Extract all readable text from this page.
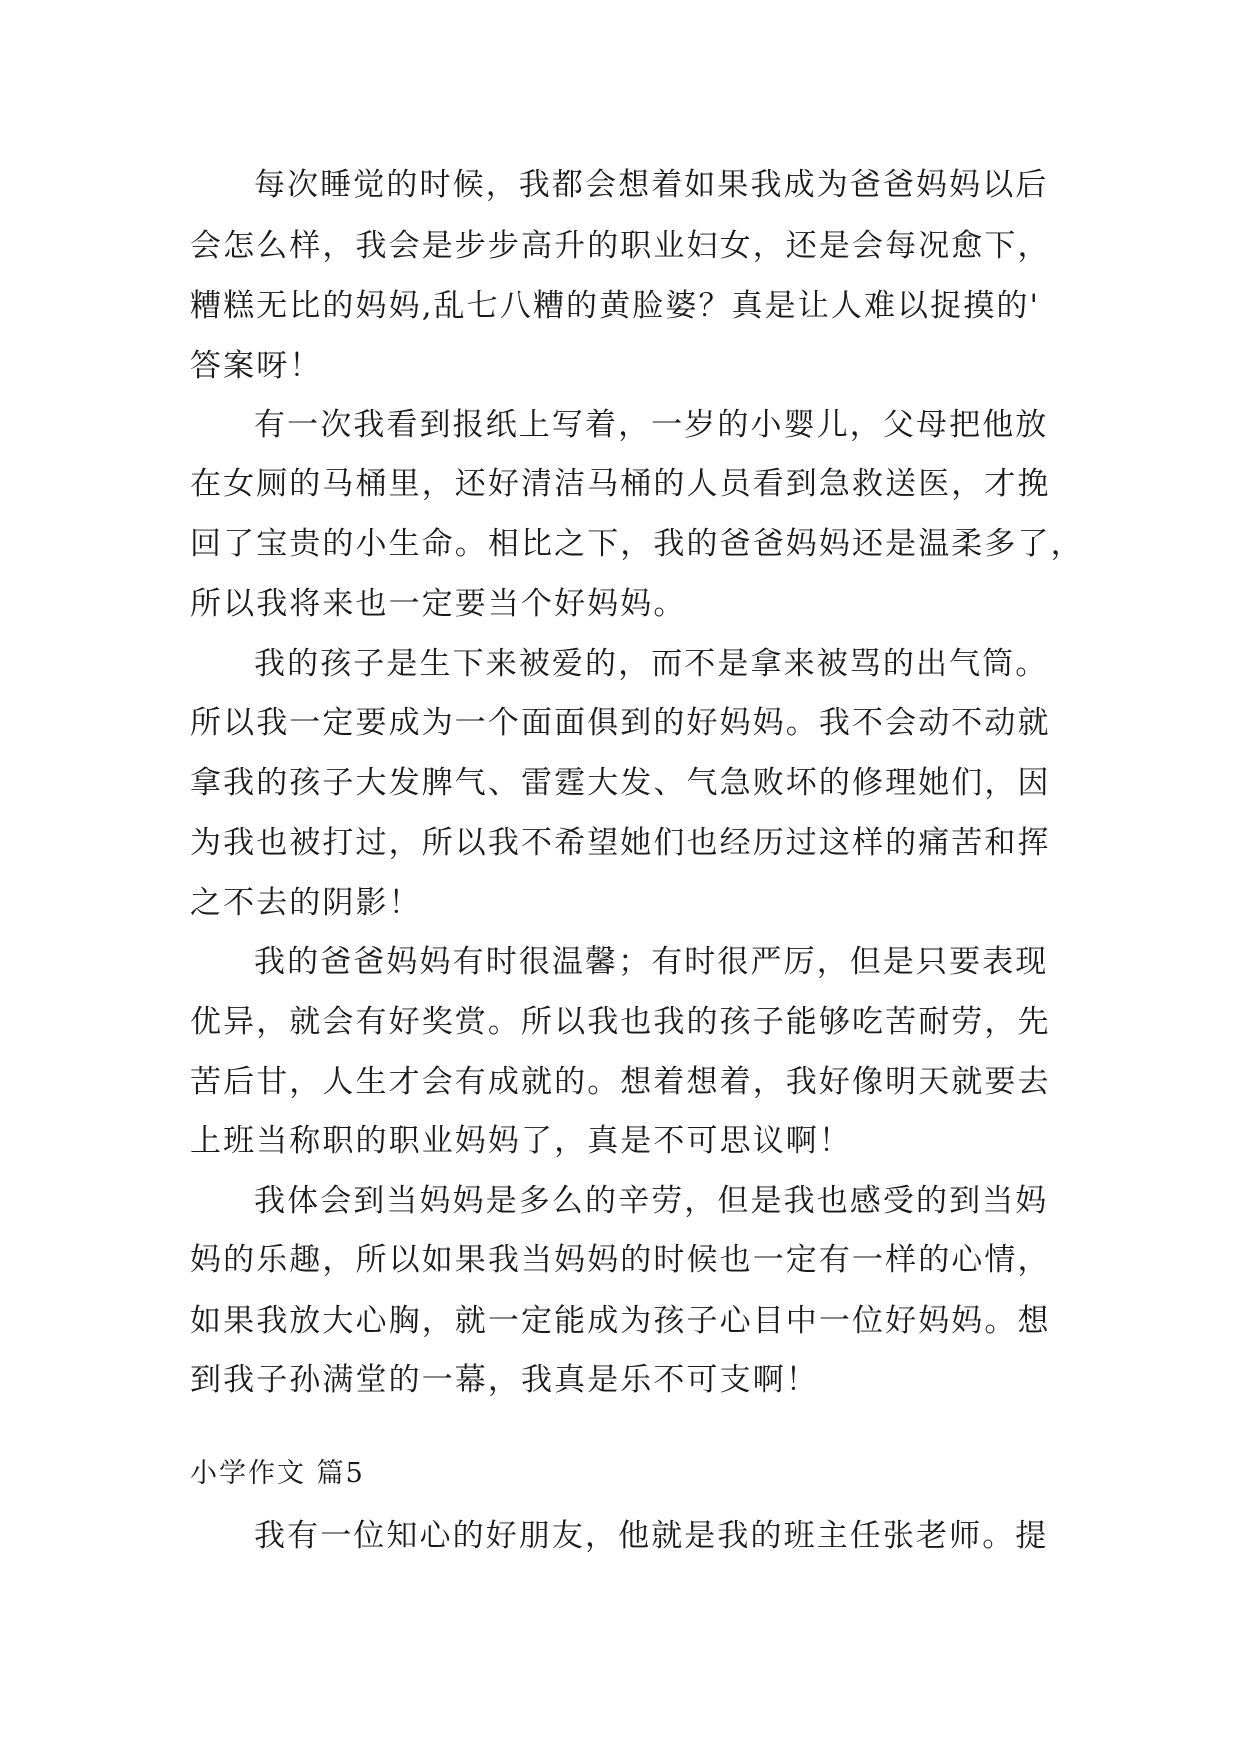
每次睡觉的时候，我都会想着如果我成为爸爸妈妈以后
会怎么样，我会是步步高升的职业妇女，还是会每况愈下，
糟糕无比的妈妈,乱七八糟的黄脸婆？真是让人难以捉摸的'
答案呀！
有一次我看到报纸上写着，一岁的小婴儿，父母把他放
在女厕的马桶里，还好清洁马桶的人员看到急救送医，才挽
回了宝贵的小生命。相比之下，我的爸爸妈妈还是温柔多了，
所以我将来也一定要当个好妈妈。
我的孩子是生下来被爱的，而不是拿来被骂的出气筒。
所以我一定要成为一个面面俱到的好妈妈。我不会动不动就
拿我的孩子大发脾气、雷霆大发、气急败坏的修理她们，因
为我也被打过，所以我不希望她们也经历过这样的痛苦和挥
之不去的阴影！
我的爸爸妈妈有时很温馨；有时很严厉，但是只要表现
优异，就会有好奖赏。所以我也我的孩子能够吃苦耐劳，先
苦后甘，人生才会有成就的。想着想着，我好像明天就要去
上班当称职的职业妈妈了，真是不可思议啊！
我体会到当妈妈是多么的辛劳，但是我也感受的到当妈
妈的乐趣，所以如果我当妈妈的时候也一定有一样的心情，
如果我放大心胸，就一定能成为孩子心目中一位好妈妈。想
到我子孙满堂的一幕，我真是乐不可支啊！
小学作文 篇5
我有一位知心的好朋友，他就是我的班主任张老师。提
